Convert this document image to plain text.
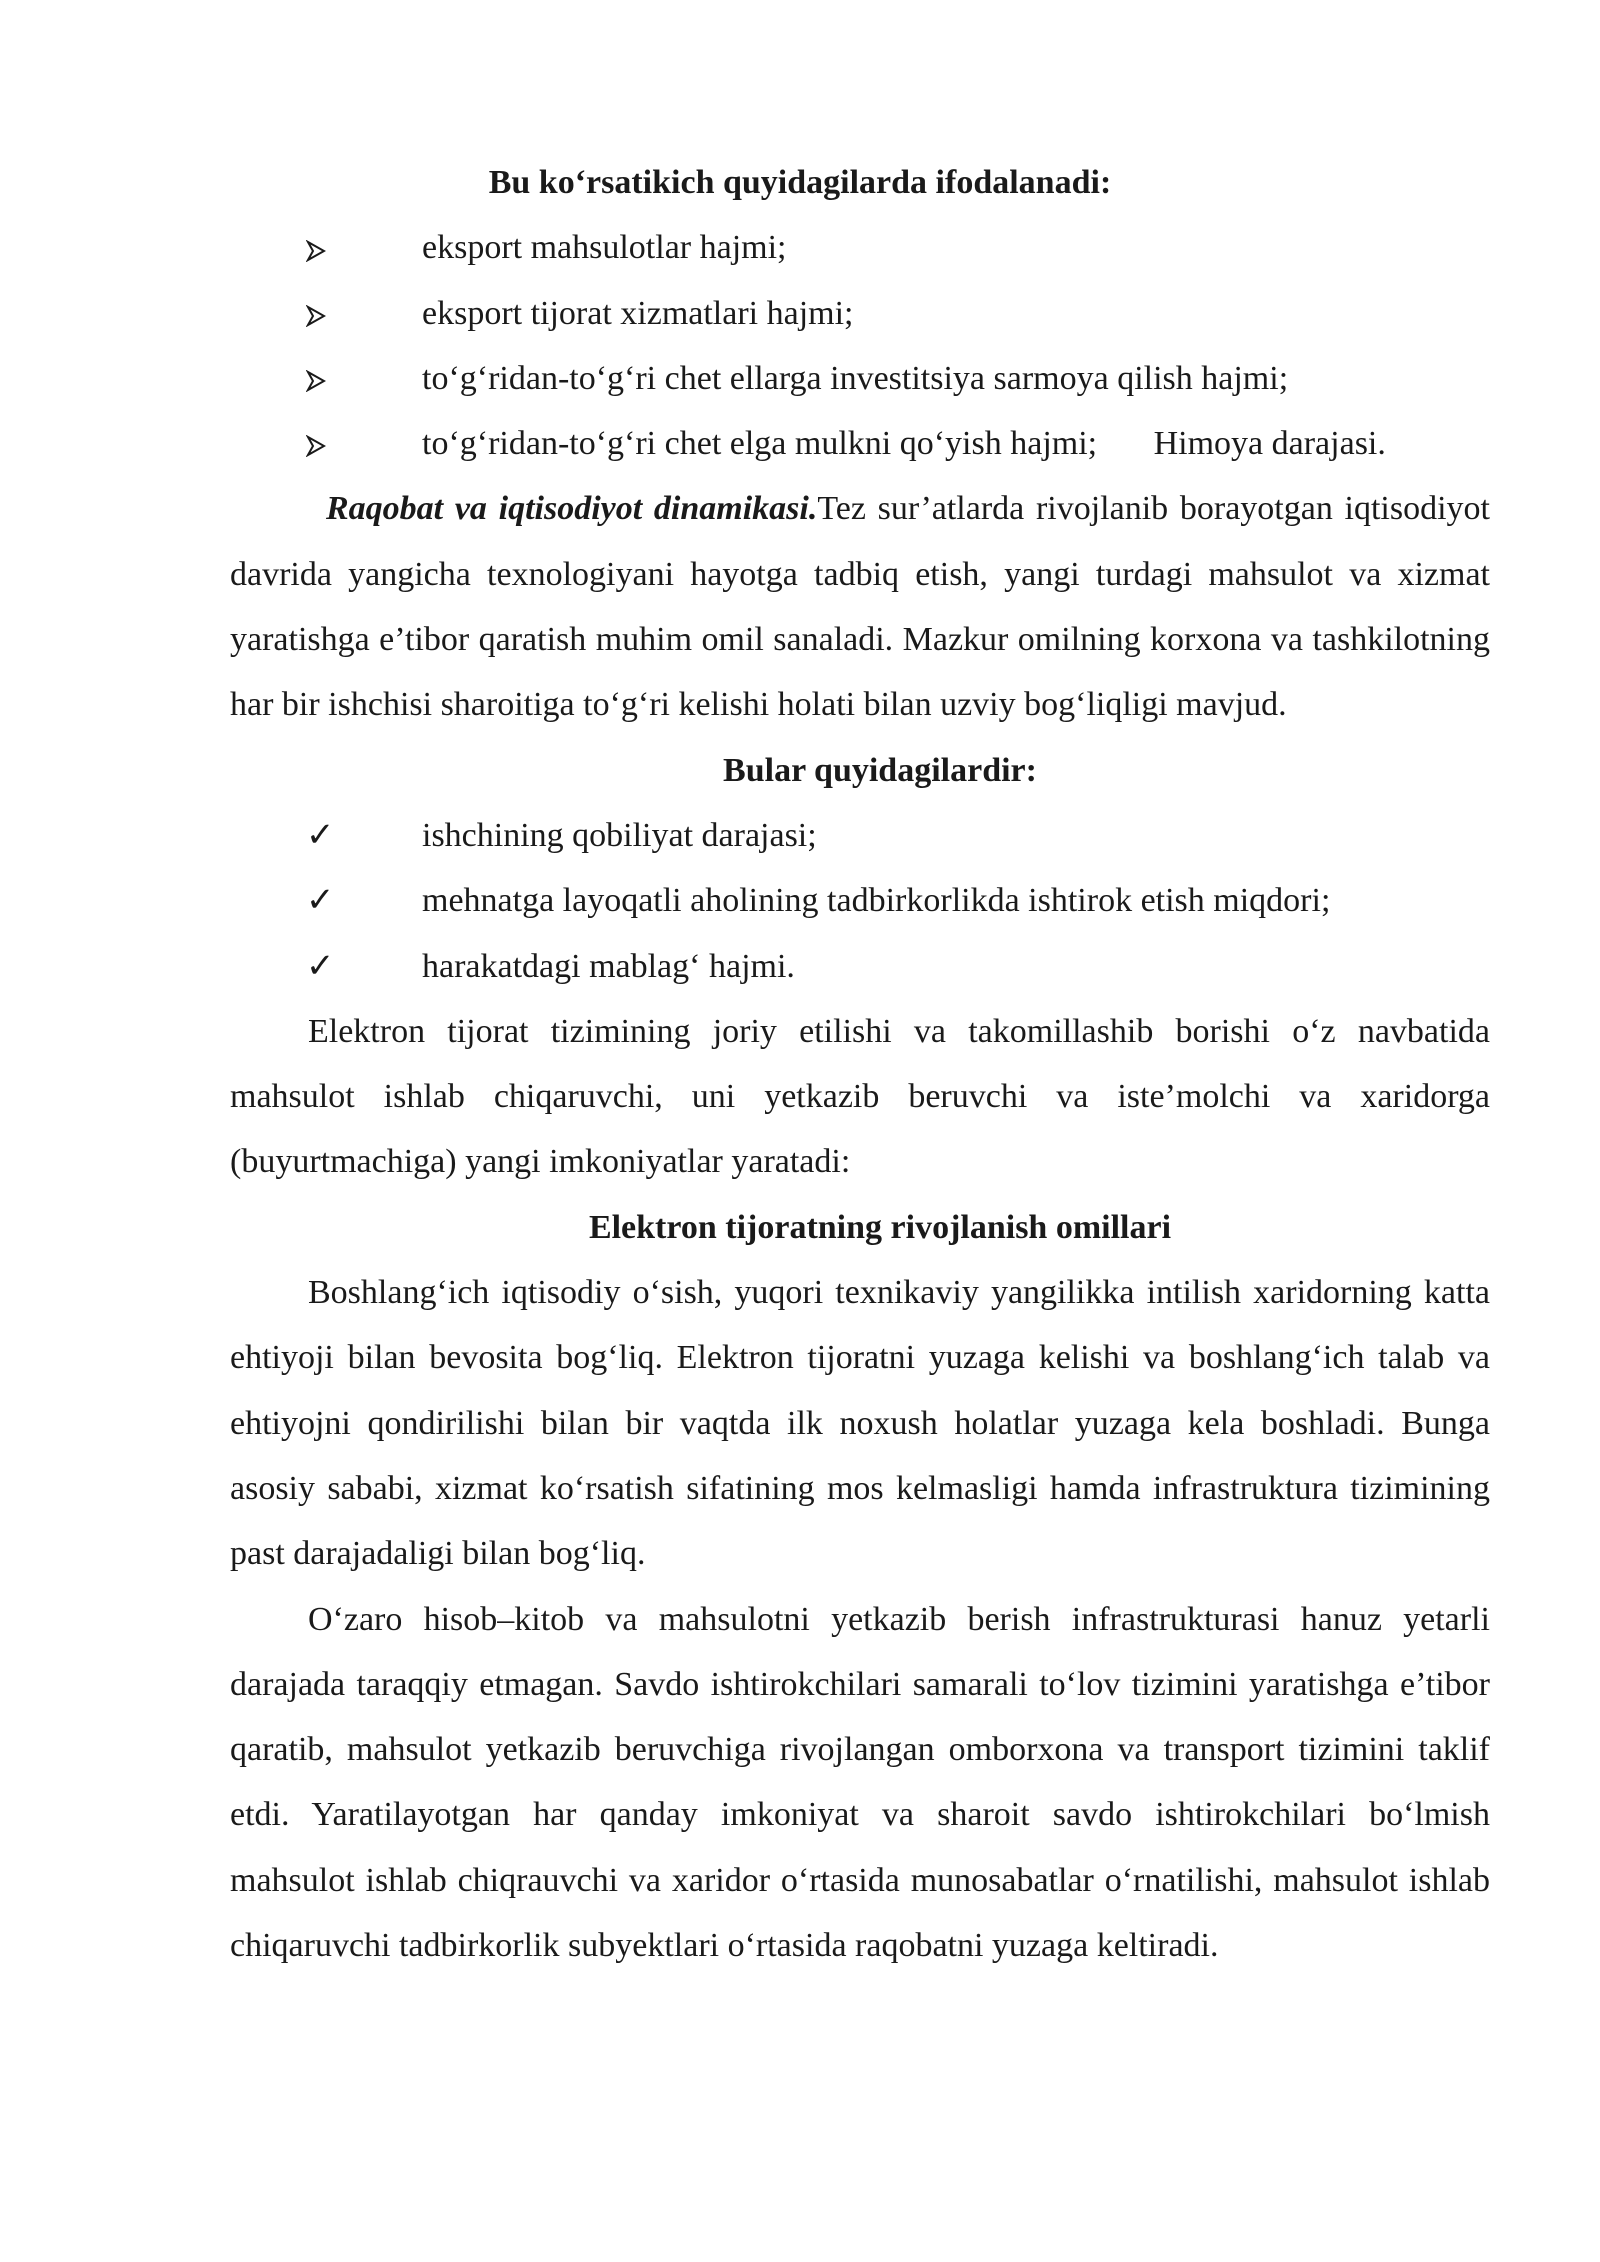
Bu ko‘rsatikich quyidagilarda ifodalanadi:
eksport mahsulotlar hajmi;
eksport tijorat xizmatlari hajmi;
to‘g‘ridan-to‘g‘ri chet ellarga investitsiya sarmoya qilish hajmi;
to‘g‘ridan-to‘g‘ri chet elga mulkni qo‘yish hajmi; Himoya darajasi.

Raqobat va iqtisodiyot dinamikasi.Tez sur’atlarda rivojlanib borayotgan iqtisodiyot davrida yangicha texnologiyani hayotga tadbiq etish, yangi turdagi mahsulot va xizmat yaratishga e’tibor qaratish muhim omil sanaladi. Mazkur omilning korxona va tashkilotning har bir ishchisi sharoitiga to‘g‘ri kelishi holati bilan uzviy bog‘liqligi mavjud.

Bular quyidagilardir:
✓	ishchining qobiliyat darajasi;
✓	mehnatga layoqatli aholining tadbirkorlikda ishtirok etish miqdori;
✓	harakatdagi mablag‘ hajmi.

Elektron tijorat tizimining joriy etilishi va takomillashib borishi o‘z navbatida mahsulot ishlab chiqaruvchi, uni yetkazib beruvchi va iste’molchi va xaridorga (buyurtmachiga) yangi imkoniyatlar yaratadi:

Elektron tijoratning rivojlanish omillari

Boshlang‘ich iqtisodiy o‘sish, yuqori texnikaviy yangilikka intilish xaridorning katta ehtiyoji bilan bevosita bog‘liq. Elektron tijoratni yuzaga kelishi va boshlang‘ich talab va ehtiyojni qondirilishi bilan bir vaqtda ilk noxush holatlar yuzaga kela boshladi. Bunga asosiy sababi, xizmat ko‘rsatish sifatining mos kelmasligi hamda infrastruktura tizimining past darajadaligi bilan bog‘liq.

O‘zaro hisob–kitob va mahsulotni yetkazib berish infrastrukturasi hanuz yetarli darajada taraqqiy etmagan. Savdo ishtirokchilari samarali to‘lov tizimini yaratishga e’tibor qaratib, mahsulot yetkazib beruvchiga rivojlangan omborxona va transport tizimini taklif etdi. Yaratilayotgan har qanday imkoniyat va sharoit savdo ishtirokchilari bo‘lmish mahsulot ishlab chiqrauvchi va xaridor o‘rtasida munosabatlar o‘rnatilishi, mahsulot ishlab chiqaruvchi tadbirkorlik subyektlari o‘rtasida raqobatni yuzaga keltiradi.
